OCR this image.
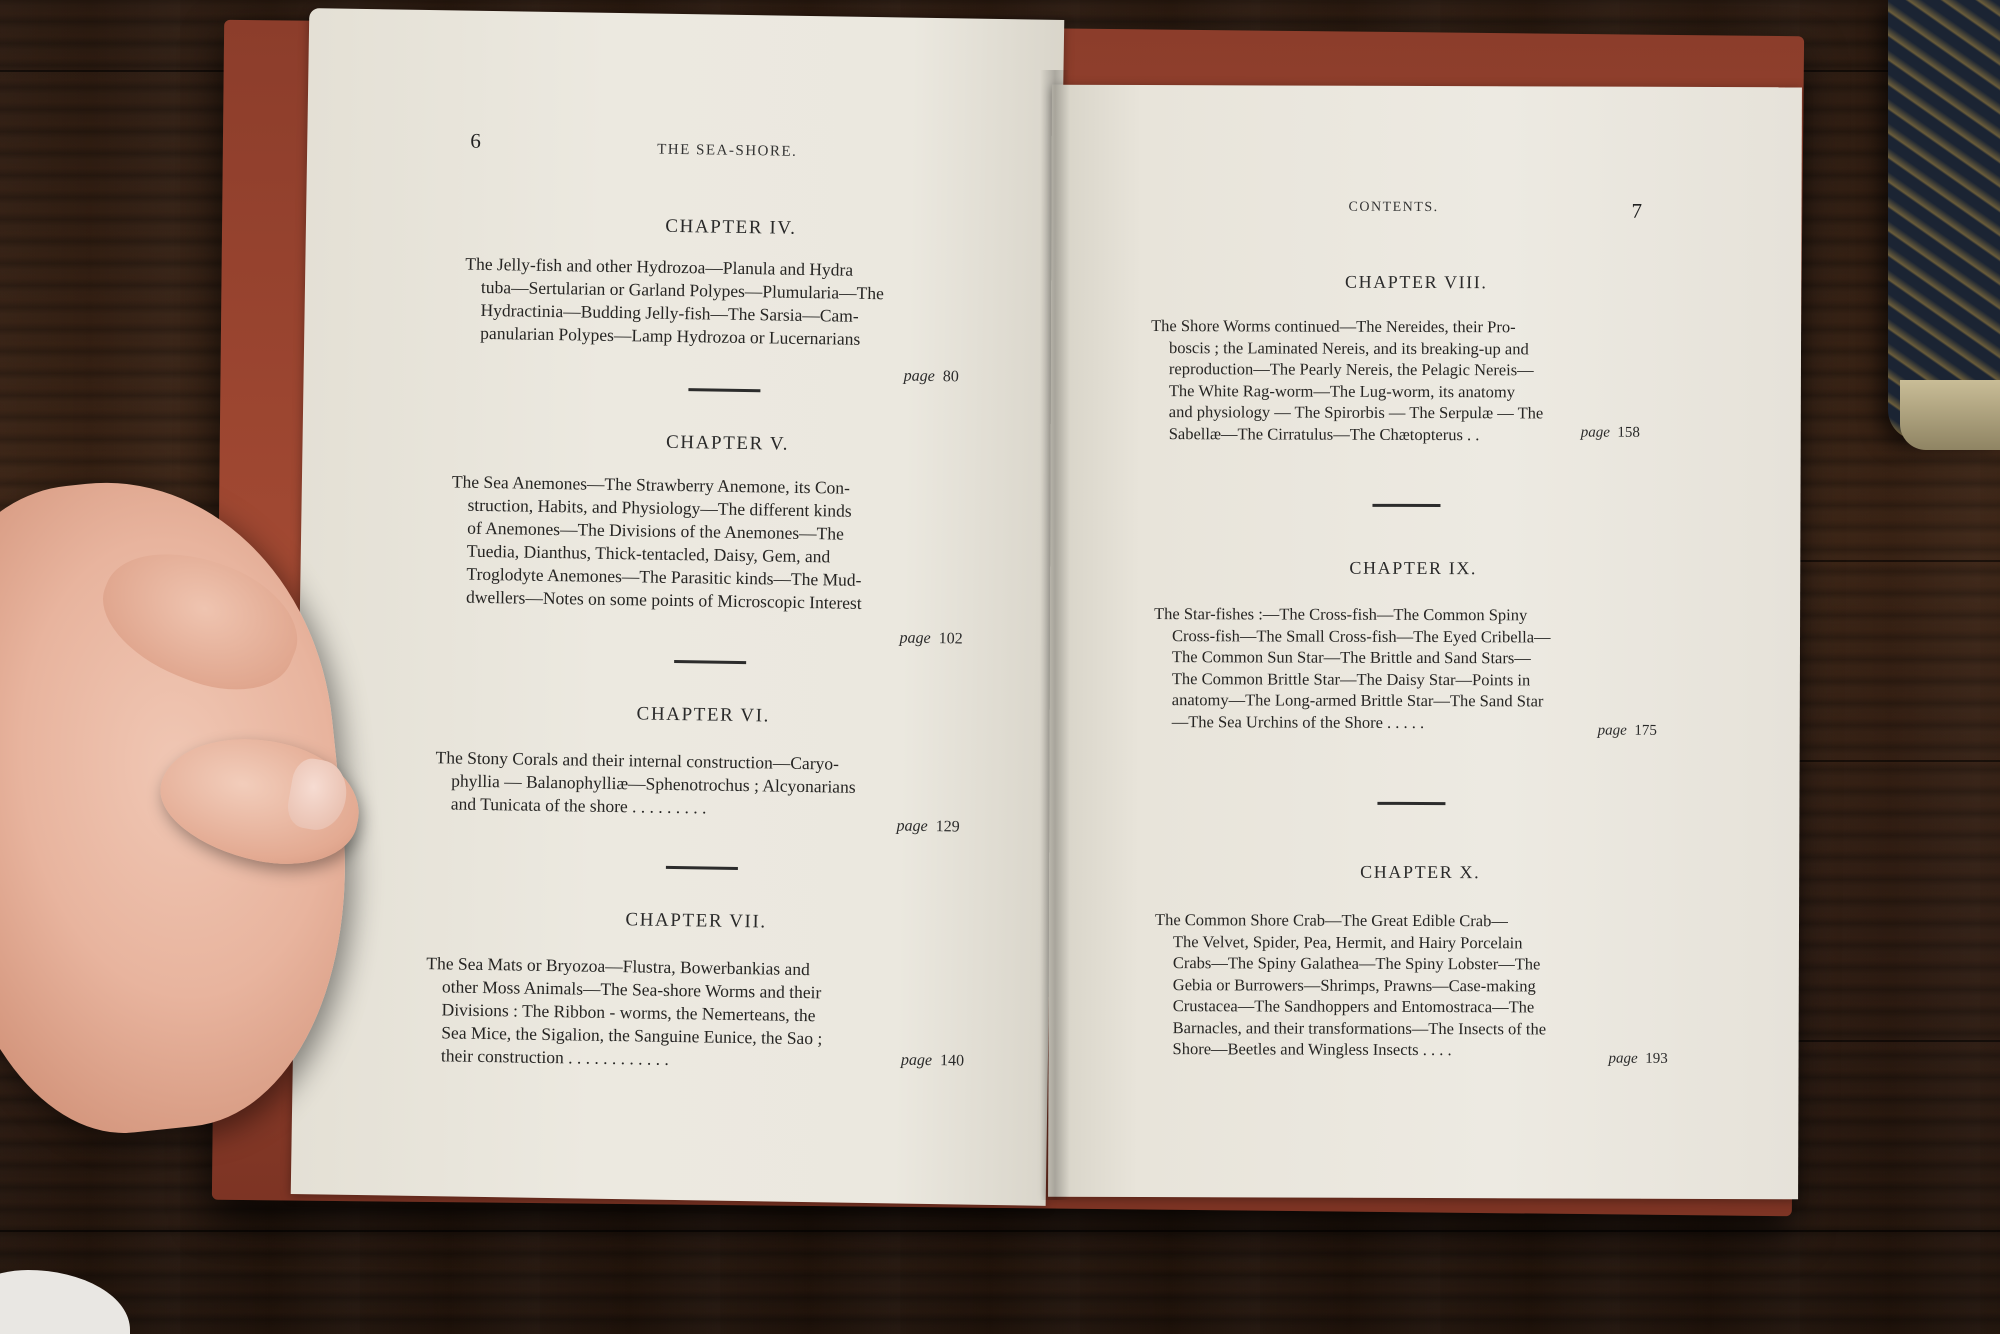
6	THE SEA-SHORE.
CHAPTER IV.
The Jelly-fish and other Hydrozoa—Planula and Hydra
tuba—Sertularian or Garland Polypes—Plumularia—The
Hydractinia—Budding Jelly-fish—The Sarsia—Cam-
panularian Polypes—Lamp Hydrozoa or Lucernarians
page 80
CHAPTER V.
The Sea Anemones—The Strawberry Anemone, its Con-
struction, Habits, and Physiology—The different kinds
of Anemones—The Divisions of the Anemones—The
Tuedia, Dianthus, Thick-tentacled, Daisy, Gem, and
Troglodyte Anemones—The Parasitic kinds—The Mud-
dwellers—Notes on some points of Microscopic Interest
page 102
CHAPTER VI.
The Stony Corals and their internal construction—Caryo-
phyllia — Balanophylliæ—Sphenotrochus ; Alcyonarians
and Tunicata of the shore . . . . . . . . .
page 129
CHAPTER VII.
The Sea Mats or Bryozoa—Flustra, Bowerbankias and
other Moss Animals—The Sea-shore Worms and their
Divisions : The Ribbon - worms, the Nemerteans, the
Sea Mice, the Sigalion, the Sanguine Eunice, the Sao ;
their construction . . . . . . . . . . . .	page 140
CONTENTS.	7
CHAPTER VIII.
The Shore Worms continued—The Nereides, their Pro-
boscis ; the Laminated Nereis, and its breaking-up and
reproduction—The Pearly Nereis, the Pelagic Nereis—
The White Rag-worm—The Lug-worm, its anatomy
and physiology — The Spirorbis — The Serpulæ — The
Sabellæ—The Cirratulus—The Chætopterus . .	page 158
CHAPTER IX.
The Star-fishes :—The Cross-fish—The Common Spiny
Cross-fish—The Small Cross-fish—The Eyed Cribella—
The Common Sun Star—The Brittle and Sand Stars—
The Common Brittle Star—The Daisy Star—Points in
anatomy—The Long-armed Brittle Star—The Sand Star
—The Sea Urchins of the Shore . . . . .	page 175
CHAPTER X.
The Common Shore Crab—The Great Edible Crab—
The Velvet, Spider, Pea, Hermit, and Hairy Porcelain
Crabs—The Spiny Galathea—The Spiny Lobster—The
Gebia or Burrowers—Shrimps, Prawns—Case-making
Crustacea—The Sandhoppers and Entomostraca—The
Barnacles, and their transformations—The Insects of the
Shore—Beetles and Wingless Insects . . . .	page 193
